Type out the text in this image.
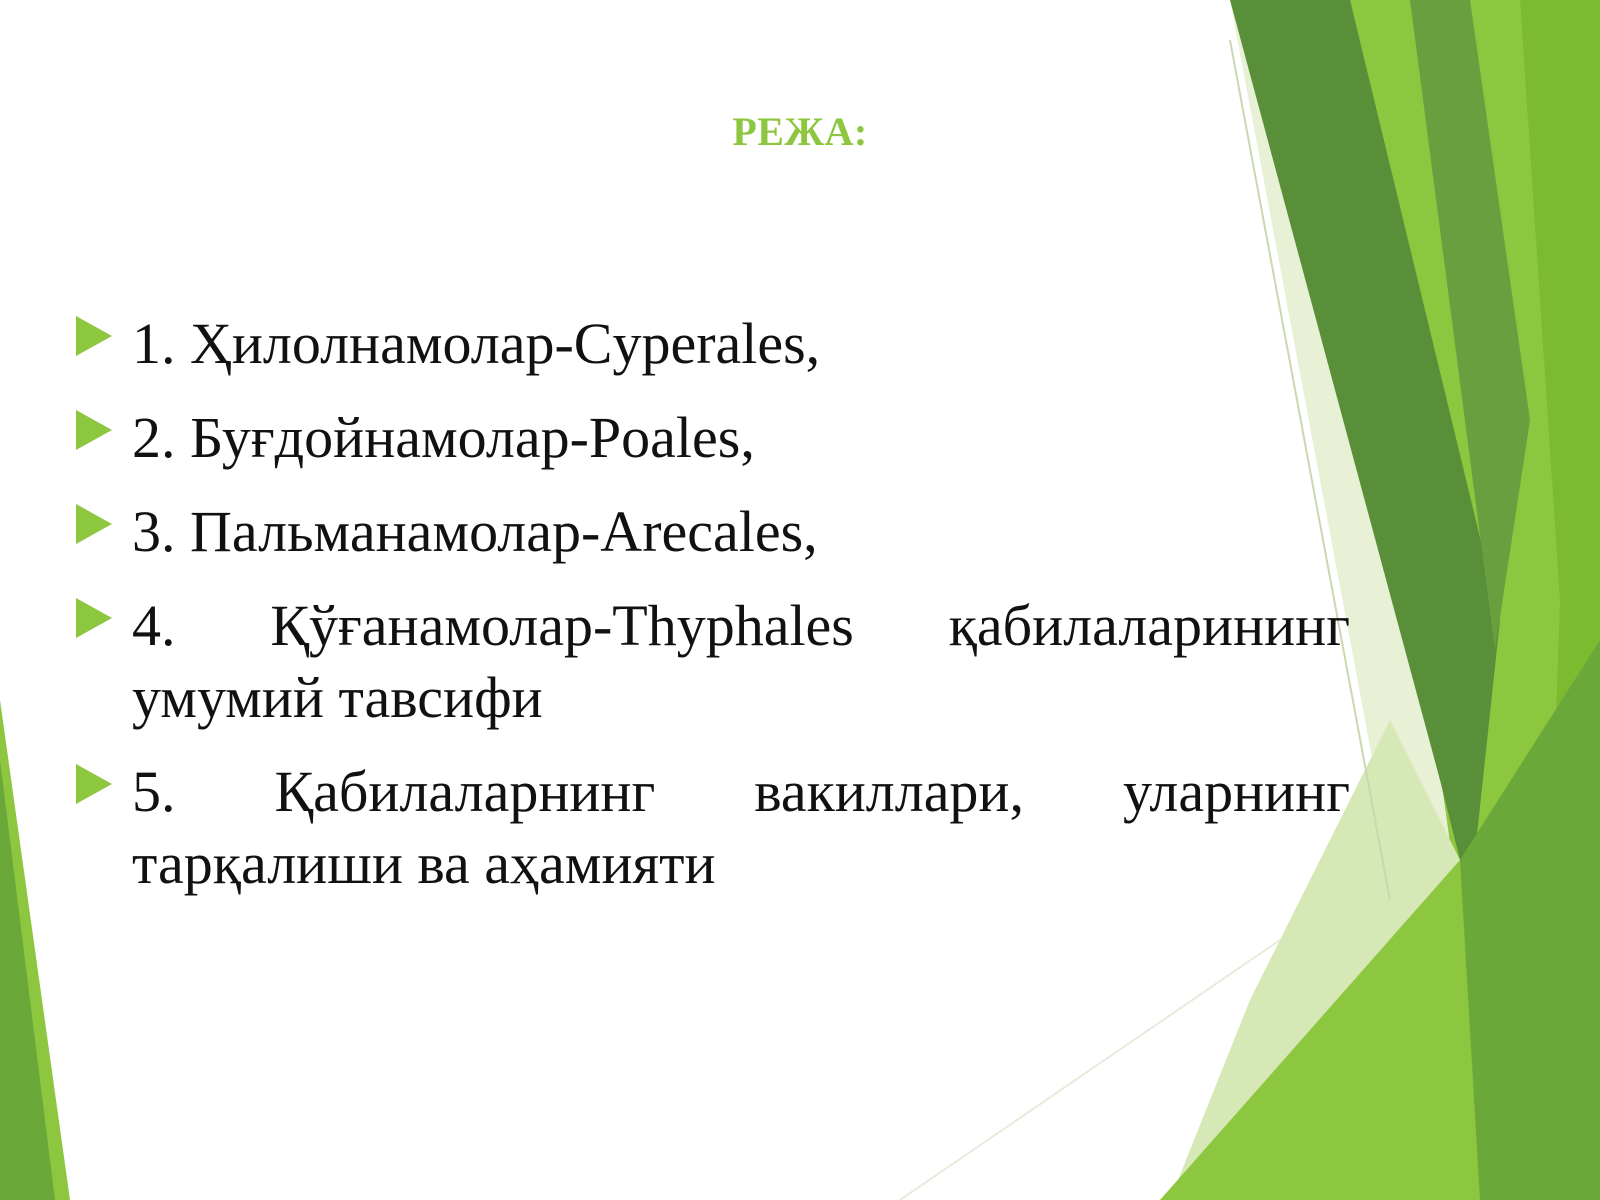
РЕЖА:
1. Ҳилолнамолар-Cyperales,
2. Буғдойнамолар-Poales,
3. Пальманамолар-Arecales,
4. Қўғанамолар-Thyphales қабилаларининг умумий тавсифи
5. Қабилаларнинг вакиллари, уларнинг тарқалиши ва аҳамияти
